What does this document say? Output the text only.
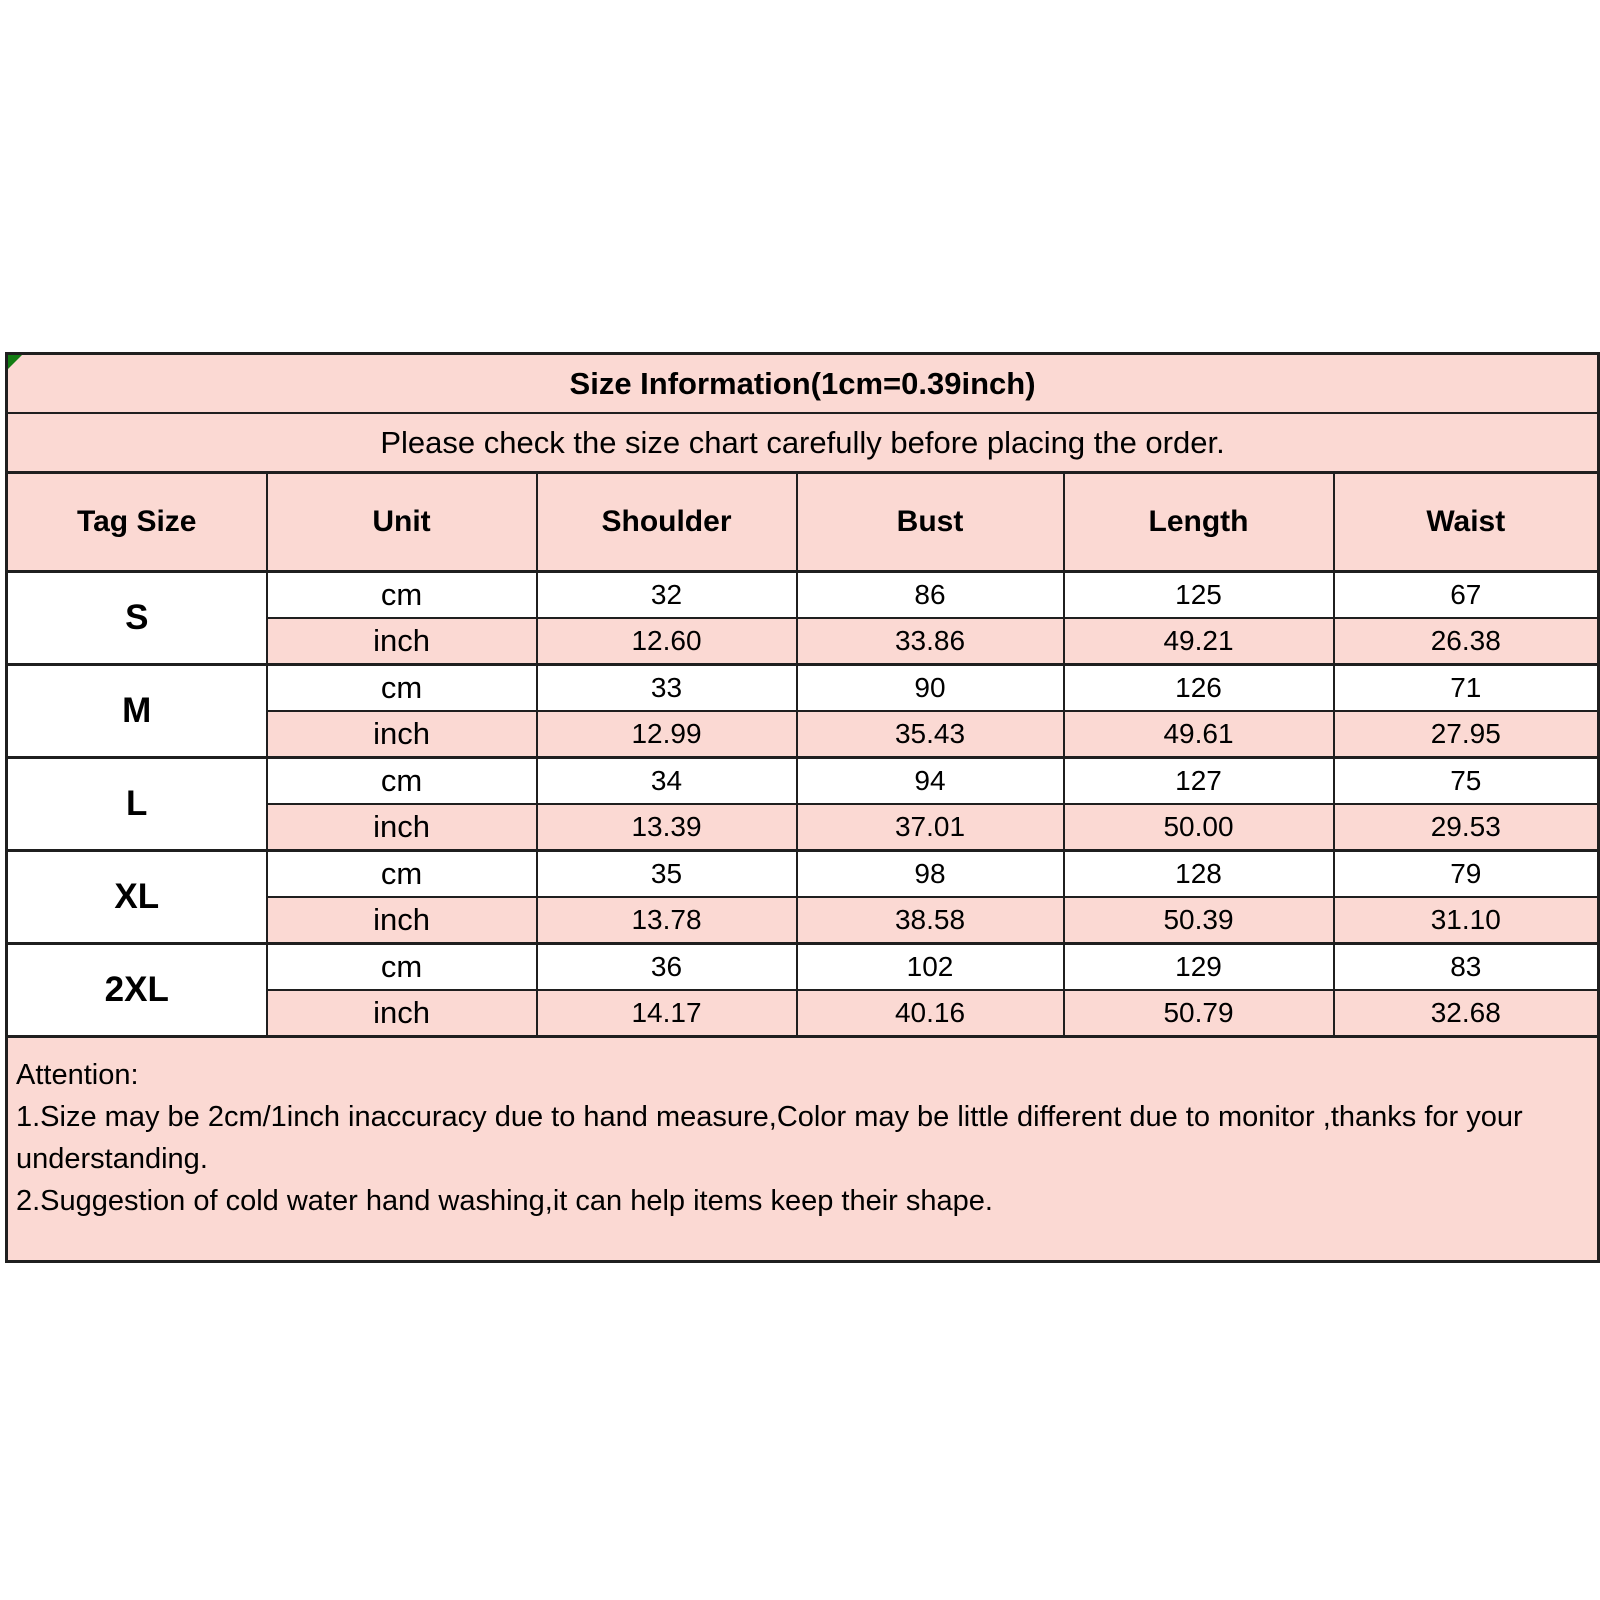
Size Information(1cm=0.39inch)					
Please check the size chart carefully before placing the order.					
Tag Size	Unit	Shoulder	Bust	Length	Waist
S	cm	32	86	125	67
	inch	12.60	33.86	49.21	26.38
M	cm	33	90	126	71
	inch	12.99	35.43	49.61	27.95
L	cm	34	94	127	75
	inch	13.39	37.01	50.00	29.53
XL	cm	35	98	128	79
	inch	13.78	38.58	50.39	31.10
2XL	cm	36	102	129	83
	inch	14.17	40.16	50.79	32.68

Attention:

1.Size may be 2cm/1inch inaccuracy due to hand measure,Color may be little different due to monitor ,thanks for your understanding.

2.Suggestion of cold water hand washing,it can help items keep their shape.					
